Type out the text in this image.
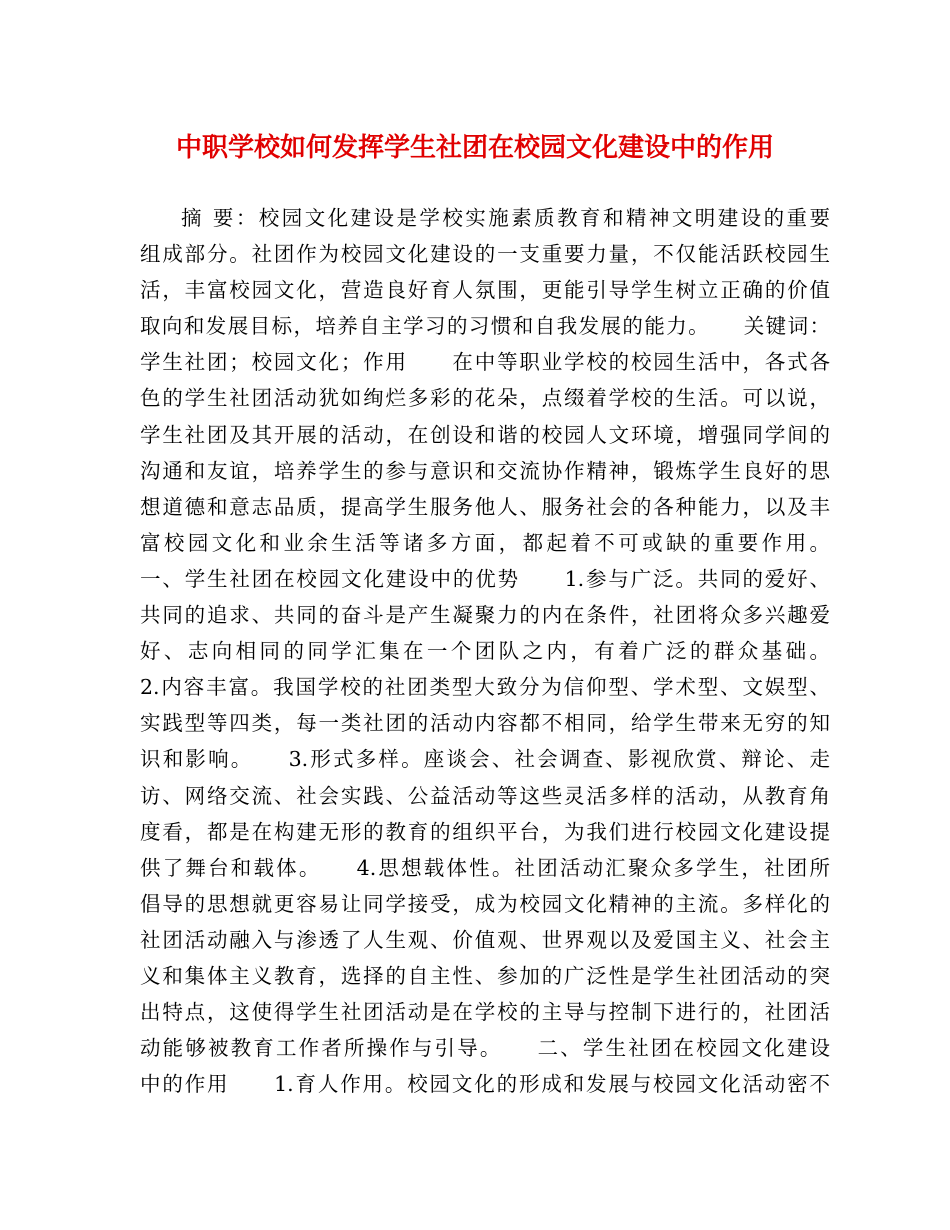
中职学校如何发挥学生社团在校园文化建设中的作用
摘 要：校园文化建设是学校实施素质教育和精神文明建设的重要
组成部分。社团作为校园文化建设的一支重要力量，不仅能活跃校园生
活，丰富校园文化，营造良好育人氛围，更能引导学生树立正确的价值
取向和发展目标，培养自主学习的习惯和自我发展的能力。　　关键词：
学生社团；校园文化；作用　　在中等职业学校的校园生活中，各式各
色的学生社团活动犹如绚烂多彩的花朵，点缀着学校的生活。可以说，
学生社团及其开展的活动，在创设和谐的校园人文环境，增强同学间的
沟通和友谊，培养学生的参与意识和交流协作精神，锻炼学生良好的思
想道德和意志品质，提高学生服务他人、服务社会的各种能力，以及丰
富校园文化和业余生活等诸多方面，都起着不可或缺的重要作用。
一、学生社团在校园文化建设中的优势　　1.参与广泛。共同的爱好、
共同的追求、共同的奋斗是产生凝聚力的内在条件，社团将众多兴趣爱
好、志向相同的同学汇集在一个团队之内，有着广泛的群众基础。
2.内容丰富。我国学校的社团类型大致分为信仰型、学术型、文娱型、
实践型等四类，每一类社团的活动内容都不相同，给学生带来无穷的知
识和影响。　　3.形式多样。座谈会、社会调查、影视欣赏、辩论、走
访、网络交流、社会实践、公益活动等这些灵活多样的活动，从教育角
度看，都是在构建无形的教育的组织平台，为我们进行校园文化建设提
供了舞台和载体。　　4.思想载体性。社团活动汇聚众多学生，社团所
倡导的思想就更容易让同学接受，成为校园文化精神的主流。多样化的
社团活动融入与渗透了人生观、价值观、世界观以及爱国主义、社会主
义和集体主义教育，选择的自主性、参加的广泛性是学生社团活动的突
出特点，这使得学生社团活动是在学校的主导与控制下进行的，社团活
动能够被教育工作者所操作与引导。　　二、学生社团在校园文化建设
中的作用　　1.育人作用。校园文化的形成和发展与校园文化活动密不
